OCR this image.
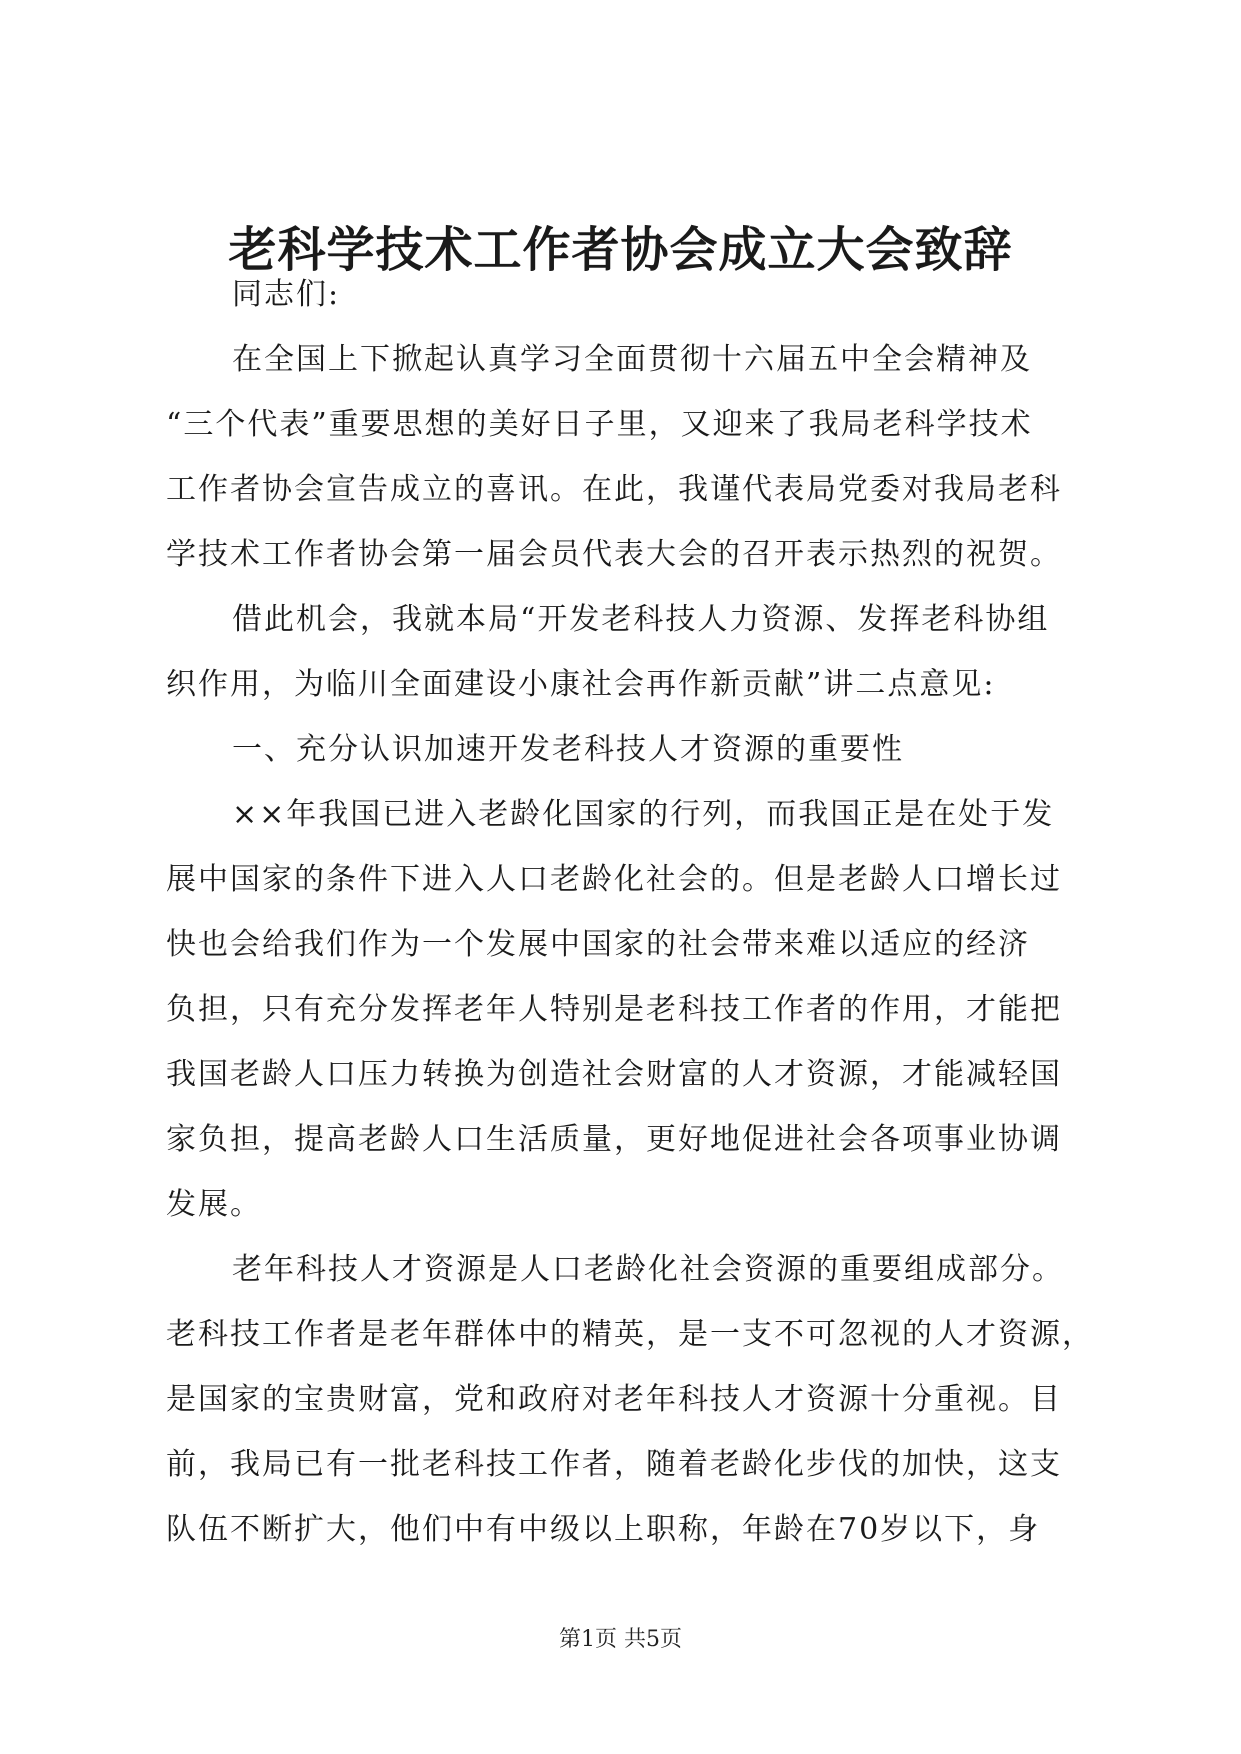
老科学技术工作者协会成立大会致辞

同志们:

在全国上下掀起认真学习全面贯彻十六届五中全会精神及
“三个代表”重要思想的美好日子里，又迎来了我局老科学技术
工作者协会宣告成立的喜讯。在此，我谨代表局党委对我局老科
学技术工作者协会第一届会员代表大会的召开表示热烈的祝贺。

借此机会，我就本局“开发老科技人力资源、发挥老科协组
织作用，为临川全面建设小康社会再作新贡献”讲二点意见:

一、充分认识加速开发老科技人才资源的重要性

××年我国已进入老龄化国家的行列，而我国正是在处于发
展中国家的条件下进入人口老龄化社会的。但是老龄人口增长过
快也会给我们作为一个发展中国家的社会带来难以适应的经济
负担，只有充分发挥老年人特别是老科技工作者的作用，才能把
我国老龄人口压力转换为创造社会财富的人才资源，才能减轻国
家负担，提高老龄人口生活质量，更好地促进社会各项事业协调
发展。

老年科技人才资源是人口老龄化社会资源的重要组成部分。
老科技工作者是老年群体中的精英，是一支不可忽视的人才资源，
是国家的宝贵财富，党和政府对老年科技人才资源十分重视。目
前，我局已有一批老科技工作者，随着老龄化步伐的加快，这支
队伍不断扩大，他们中有中级以上职称，年龄在70岁以下，身

第1页 共5页
